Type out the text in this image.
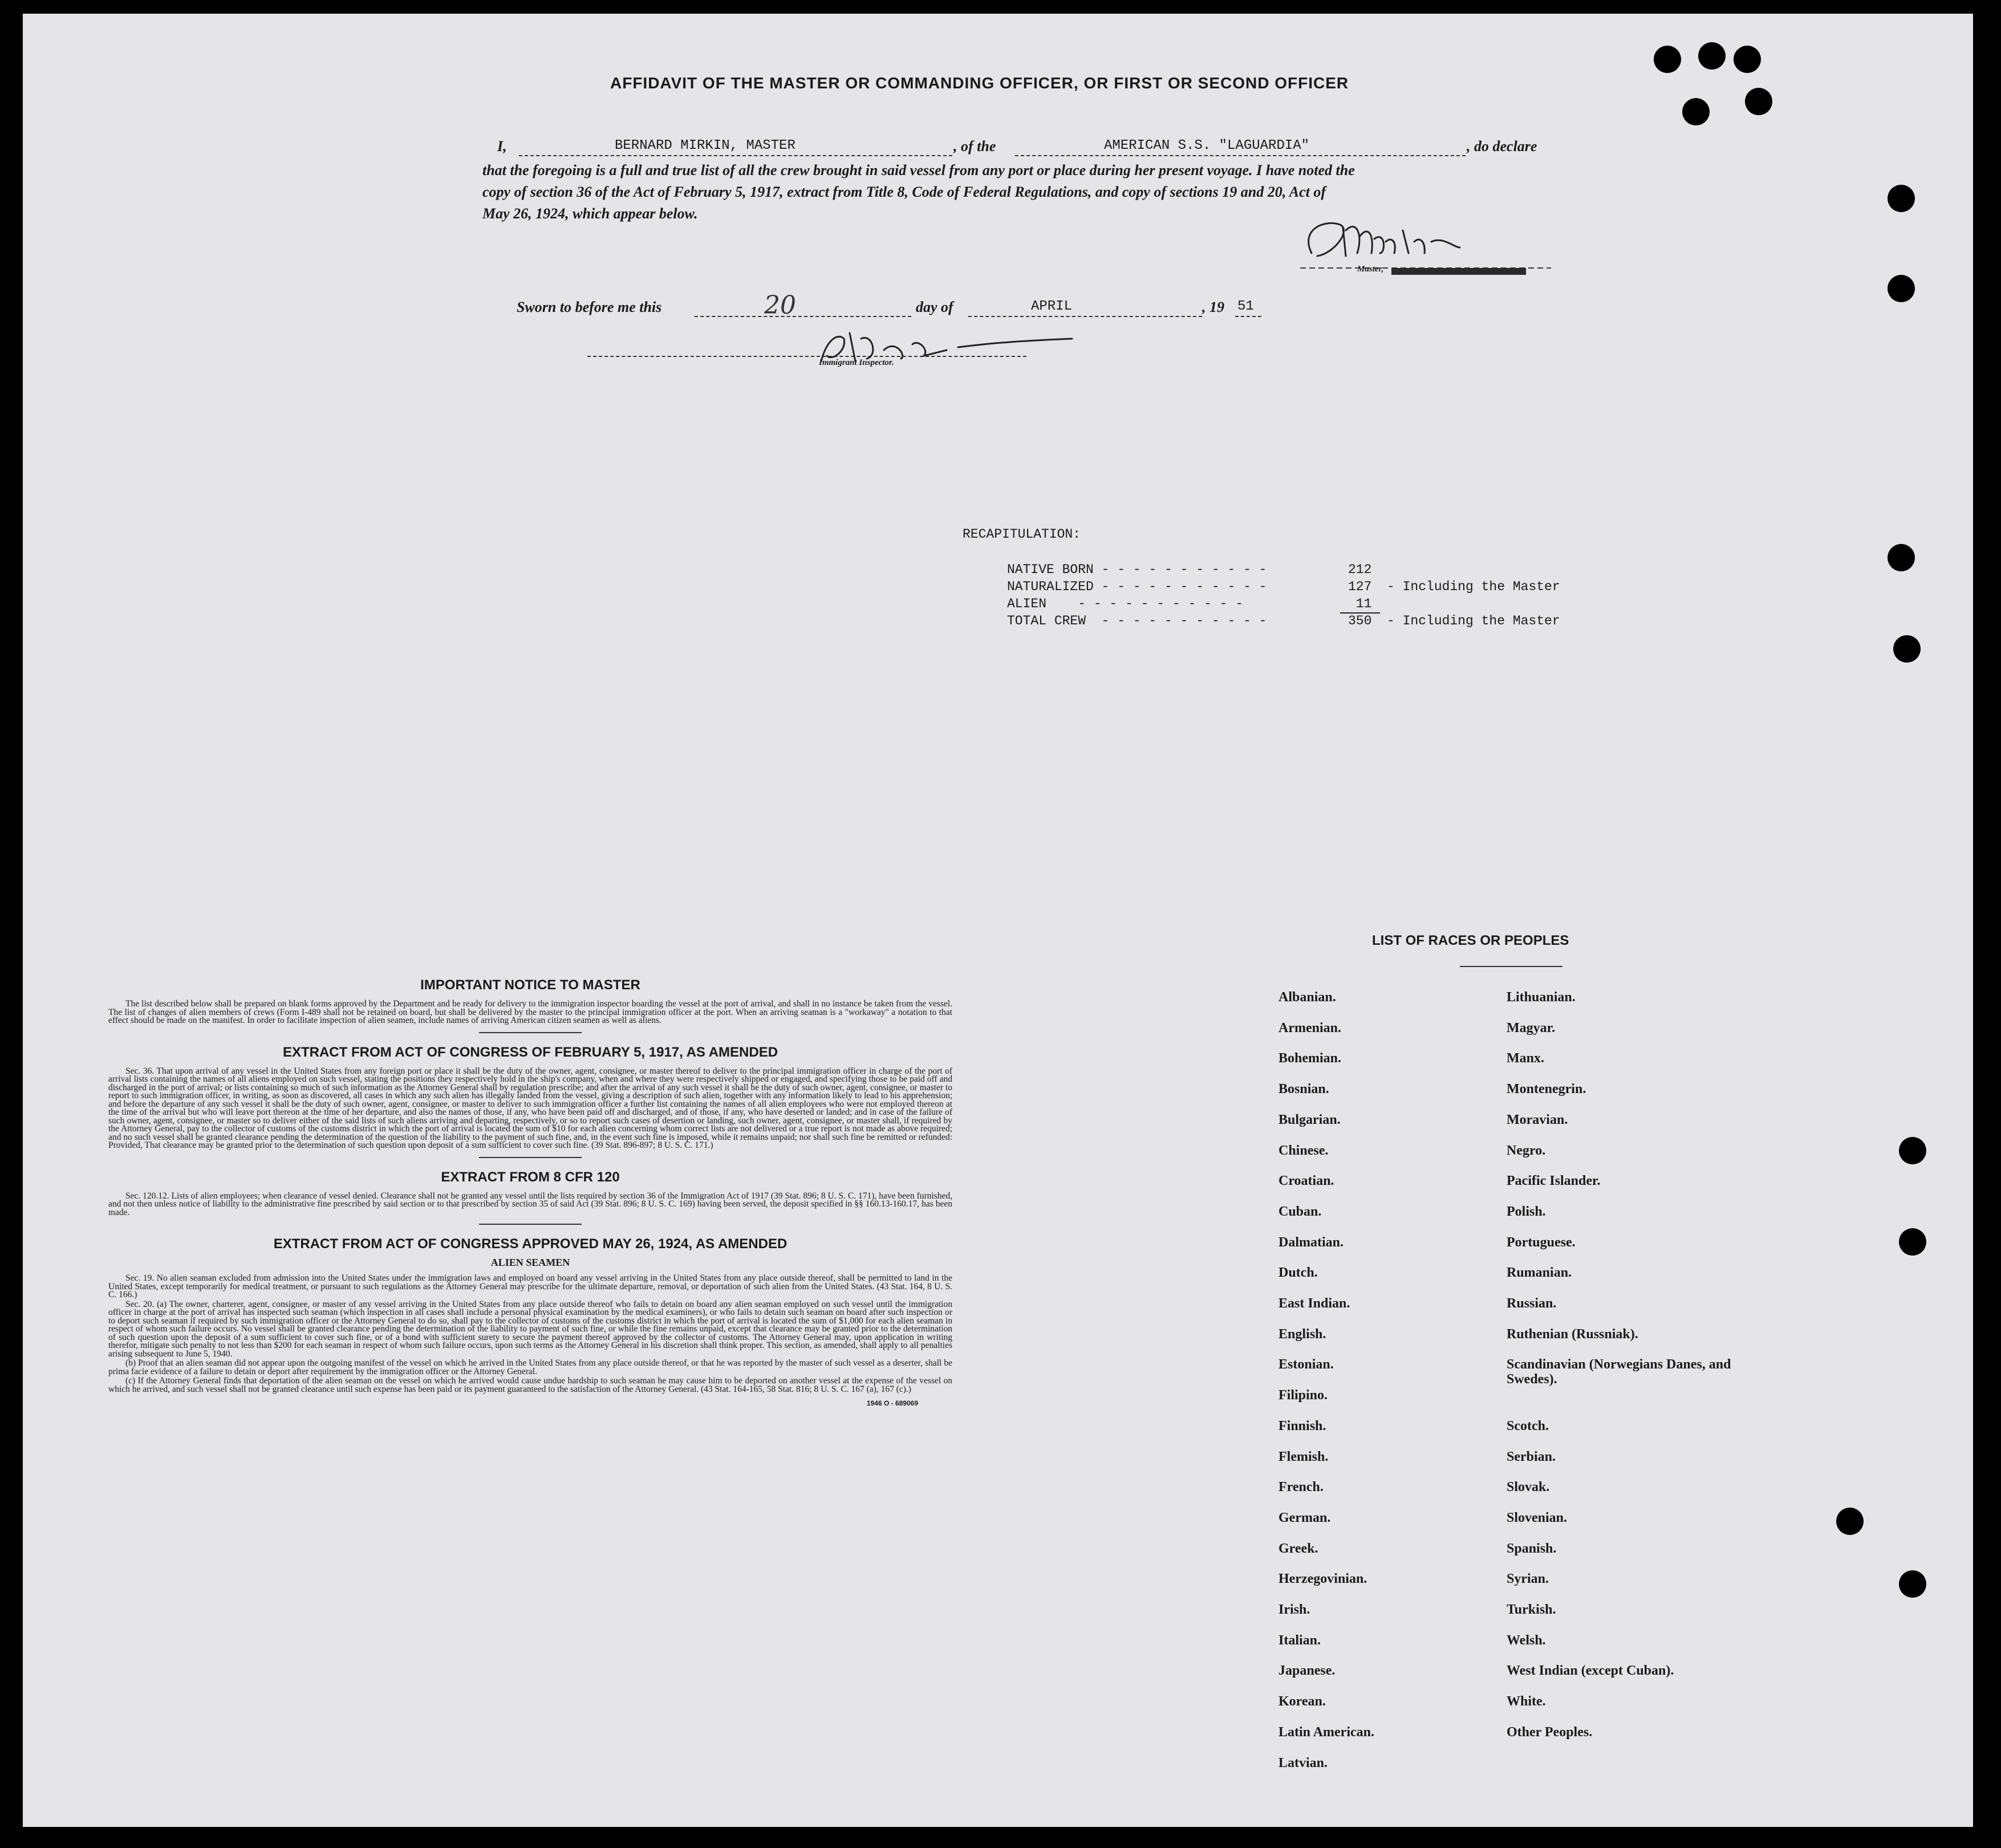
AFFIDAVIT OF THE MASTER OR COMMANDING OFFICER, OR FIRST OR SECOND OFFICER
I,	BERNARD MIRKIN, MASTER	, of the	AMERICAN S.S. "LAGUARDIA"	, do declare
that the foregoing is a full and true list of all the crew brought in said vessel from any port or place during her present voyage. I have noted the
copy of section 36 of the Act of February 5, 1917, extract from Title 8, Code of Federal Regulations, and copy of sections 19 and 20, Act of
May 26, 1924, which appear below.
Master,
Sworn to before me this	20	day of	APRIL	, 19 51
Immigrant Inspector.
RECAPITULATION:
NATIVE BORN - - - - - - - - - - -	212
NATURALIZED - - - - - - - - - - -	127 - Including the Master
ALIEN    - - - - - - - - - - -	11
TOTAL CREW  - - - - - - - - - - -	350 - Including the Master
IMPORTANT NOTICE TO MASTER

The list described below shall be prepared on blank forms approved by the Department and be ready for delivery to the immigration inspector boarding the vessel at the port of arrival, and shall in no instance be taken from the vessel. The list of changes of alien members of crews (Form I-489 shall not be retained on board, but shall be delivered by the master to the principal immigration officer at the port. When an arriving seaman is a "workaway" a notation to that effect should be made on the manifest. In order to facilitate inspection of alien seamen, include names of arriving American citizen seamen as well as aliens.

EXTRACT FROM ACT OF CONGRESS OF FEBRUARY 5, 1917, AS AMENDED

Sec. 36. That upon arrival of any vessel in the United States from any foreign port or place it shall be the duty of the owner, agent, consignee, or master thereof to deliver to the principal immigration officer in charge of the port of arrival lists containing the names of all aliens employed on such vessel, stating the positions they respectively hold in the ship's company, when and where they were respectively shipped or engaged, and specifying those to be paid off and discharged in the port of arrival; or lists containing so much of such information as the Attorney General shall by regulation prescribe; and after the arrival of any such vessel it shall be the duty of such owner, agent, consignee, or master to report to such immigration officer, in writing, as soon as discovered, all cases in which any such alien has illegally landed from the vessel, giving a description of such alien, together with any information likely to lead to his apprehension; and before the departure of any such vessel it shall be the duty of such owner, agent, consignee, or master to deliver to such immigration officer a further list containing the names of all alien employees who were not employed thereon at the time of the arrival but who will leave port thereon at the time of her departure, and also the names of those, if any, who have been paid off and discharged, and of those, if any, who have deserted or landed; and in case of the failure of such owner, agent, consignee, or master so to deliver either of the said lists of such aliens arriving and departing, respectively, or so to report such cases of desertion or landing, such owner, agent, consignee, or master shall, if required by the Attorney General, pay to the collector of customs of the customs district in which the port of arrival is located the sum of $10 for each alien concerning whom correct lists are not delivered or a true report is not made as above required; and no such vessel shall be granted clearance pending the determination of the question of the liability to the payment of such fine, and, in the event such fine is imposed, while it remains unpaid; nor shall such fine be remitted or refunded: Provided, That clearance may be granted prior to the determination of such question upon deposit of a sum sufficient to cover such fine. (39 Stat. 896-897; 8 U. S. C. 171.)

EXTRACT FROM 8 CFR 120

Sec. 120.12. Lists of alien employees; when clearance of vessel denied. Clearance shall not be granted any vessel until the lists required by section 36 of the Immigration Act of 1917 (39 Stat. 896; 8 U. S. C. 171), have been furnished, and not then unless notice of liability to the administrative fine prescribed by said section or to that prescribed by section 35 of said Act (39 Stat. 896; 8 U. S. C. 169) having been served, the deposit specified in §§ 160.13-160.17, has been made.

EXTRACT FROM ACT OF CONGRESS APPROVED MAY 26, 1924, AS AMENDED
ALIEN SEAMEN

Sec. 19. No alien seaman excluded from admission into the United States under the immigration laws and employed on board any vessel arriving in the United States from any place outside thereof, shall be permitted to land in the United States, except temporarily for medical treatment, or pursuant to such regulations as the Attorney General may prescribe for the ultimate departure, removal, or deportation of such alien from the United States. (43 Stat. 164, 8 U. S. C. 166.)

Sec. 20. (a) The owner, charterer, agent, consignee, or master of any vessel arriving in the United States from any place outside thereof who fails to detain on board any alien seaman employed on such vessel until the immigration officer in charge at the port of arrival has inspected such seaman (which inspection in all cases shall include a personal physical examination by the medical examiners), or who fails to detain such seaman on board after such inspection or to deport such seaman if required by such immigration officer or the Attorney General to do so, shall pay to the collector of customs of the customs district in which the port of arrival is located the sum of $1,000 for each alien seaman in respect of whom such failure occurs. No vessel shall be granted clearance pending the determination of the liability to payment of such fine, or while the fine remains unpaid, except that clearance may be granted prior to the determination of such question upon the deposit of a sum sufficient to cover such fine, or of a bond with sufficient surety to secure the payment thereof approved by the collector of customs. The Attorney General may, upon application in writing therefor, mitigate such penalty to not less than $200 for each seaman in respect of whom such failure occurs, upon such terms as the Attorney General in his discretion shall think proper. This section, as amended, shall apply to all penalties arising subsequent to June 5, 1940.

(b) Proof that an alien seaman did not appear upon the outgoing manifest of the vessel on which he arrived in the United States from any place outside thereof, or that he was reported by the master of such vessel as a deserter, shall be prima facie evidence of a failure to detain or deport after requirement by the immigration officer or the Attorney General.

(c) If the Attorney General finds that deportation of the alien seaman on the vessel on which he arrived would cause undue hardship to such seaman he may cause him to be deported on another vessel at the expense of the vessel on which he arrived, and such vessel shall not be granted clearance until such expense has been paid or its payment guaranteed to the satisfaction of the Attorney General. (43 Stat. 164-165, 58 Stat. 816; 8 U. S. C. 167 (a), 167 (c).)

1946 O - 689069
LIST OF RACES OR PEOPLES
Albanian.
Armenian.
Bohemian.
Bosnian.
Bulgarian.
Chinese.
Croatian.
Cuban.
Dalmatian.
Dutch.
East Indian.
English.
Estonian.
Filipino.
Finnish.
Flemish.
French.
German.
Greek.
Herzegovinian.
Irish.
Italian.
Japanese.
Korean.
Latin American.
Latvian.
Lithuanian.
Magyar.
Manx.
Montenegrin.
Moravian.
Negro.
Pacific Islander.
Polish.
Portuguese.
Rumanian.
Russian.
Ruthenian (Russniak).
Scandinavian (Norwegians Danes, and Swedes).
Scotch.
Serbian.
Slovak.
Slovenian.
Spanish.
Syrian.
Turkish.
Welsh.
West Indian (except Cuban).
White.
Other Peoples.
